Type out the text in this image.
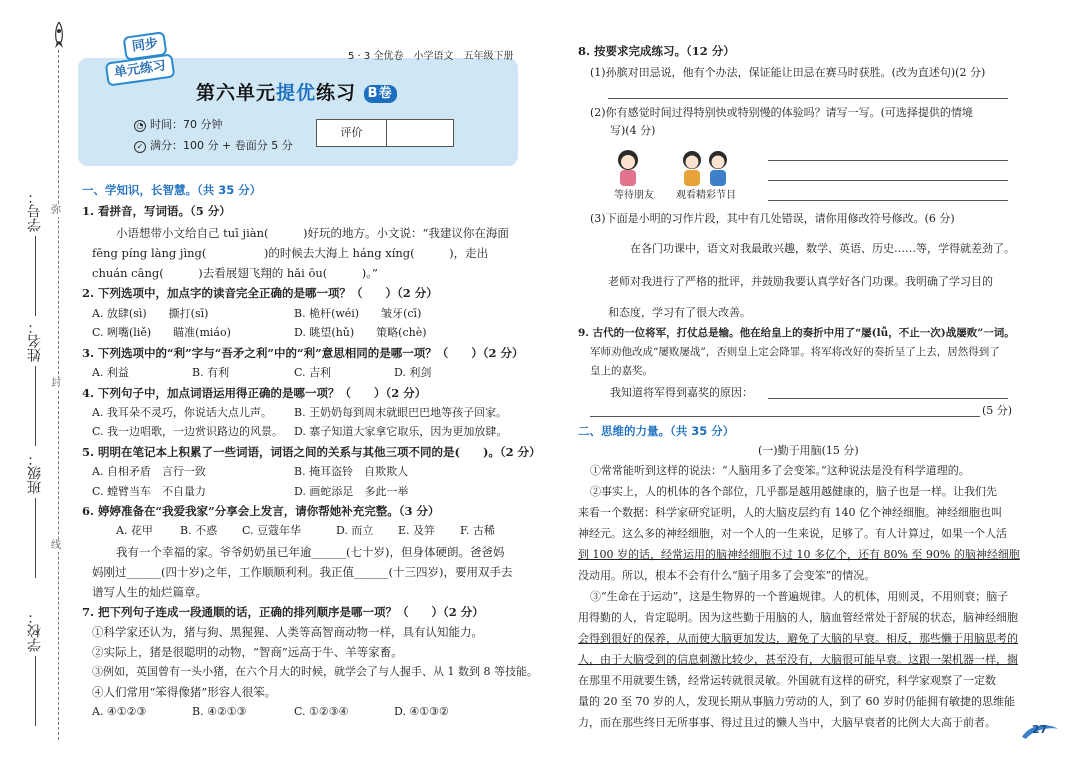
弥
封
线
学号：
姓名：
班级：
学校：
5 · 3 全优卷　小学语文　五年级下册
同步
单元练习
第六单元提优练习 B卷
◔ 时间：70 分钟
✓ 满分：100 分 + 卷面分 5 分
评价
一、学知识，长智慧。（共 35 分）
1. 看拼音，写词语。（5 分）
小语想带小文给自己 tuī jiàn(　　　)好玩的地方。小文说：“我建议你在海面
fēng píng làng jìng(　　　　　)的时候去大海上 háng xíng(　　　)，走出
chuán cāng(　　　)去看展翅飞翔的 hǎi ōu(　　　)。”
2. 下列选项中，加点字的读音完全正确的是哪一项？（　　）（2 分）
A. 放肆(sì)　　撕打(sī)	B. 桅杆(wéi)　　皱牙(cī)
C. 咧嘴(liě)　　瞄准(miáo)	D. 眺望(hǔ)　　策略(chè)
3. 下列选项中的“利”字与“吾矛之利”中的“利”意思相同的是哪一项？（　　）（2 分）
A. 利益	B. 有利	C. 吉利	D. 利剑
4. 下列句子中，加点词语运用得正确的是哪一项？（　　）（2 分）
A. 我耳朵不灵巧，你说话大点儿声。 B. 王奶奶每到周末就眼巴巴地等孩子回家。
C. 我一边唱歌，一边赏识路边的风景。 D. 寨子知道大家拿它取乐，因为更加放肆。
5. 明明在笔记本上积累了一些词语，词语之间的关系与其他三项不同的是(　　)。（2 分）
A. 自相矛盾　言行一致	B. 掩耳盗铃　自欺欺人
C. 螳臂当车　不自量力	D. 画蛇添足　多此一举
6. 婷婷准备在“我爱我家”分享会上发言，请你帮她补充完整。（3 分）
A. 花甲 B. 不惑 C. 豆蔻年华	D. 而立 E. 及笄 F. 古稀
我有一个幸福的家。爷爷奶奶虽已年逾______(七十岁)，但身体硬朗。爸爸妈
妈刚过______(四十岁)之年，工作顺顺利利。我正值______(十三四岁)，要用双手去
谱写人生的灿烂篇章。
7. 把下列句子连成一段通顺的话，正确的排列顺序是哪一项？（　　）（2 分）
①科学家还认为，猪与狗、黑猩猩、人类等高智商动物一样，具有认知能力。
②实际上，猪是很聪明的动物，“智商”远高于牛、羊等家畜。
③例如，英国曾有一头小猪，在六个月大的时候，就学会了与人握手、从 1 数到 8 等技能。
④人们常用“笨得像猪”形容人很笨。
A. ④①②③	B. ④②①③	C. ①②③④	D. ④①③②
8. 按要求完成练习。（12 分）
(1)孙膑对田忌说，他有个办法，保证能让田忌在赛马时获胜。(改为直述句)(2 分)
(2)你有感觉时间过得特别快或特别慢的体验吗？请写一写。(可选择提供的情境
写)(4 分)
等待朋友 观看精彩节目
(3)下面是小明的习作片段，其中有几处错误，请你用修改符号修改。(6 分)
在各门功课中，语文对我最敢兴趣，数学、英语、历史……等，学得就差劲了。
老师对我进行了严格的批评，并鼓励我要认真学好各门功课。我明确了学习目的
和态度，学习有了很大改善。
9. 古代的一位将军，打仗总是输。他在给皇上的奏折中用了“屡(lǚ，不止一次)战屡败”一词。
军师劝他改成“屡败屡战”，否则皇上定会降罪。将军将改好的奏折呈了上去，居然得到了
皇上的嘉奖。
我知道将军得到嘉奖的原因：
(5 分)
二、思维的力量。（共 35 分）
(一)勤于用脑(15 分)
①常常能听到这样的说法：“人脑用多了会变笨。”这种说法是没有科学道理的。
②事实上，人的机体的各个部位，几乎都是越用越健康的，脑子也是一样。让我们先
来看一个数据：科学家研究证明，人的大脑皮层约有 140 亿个神经细胞。神经细胞也叫
神经元。这么多的神经细胞，对一个人的一生来说，足够了。有人计算过，如果一个人活
到 100 岁的话，经常运用的脑神经细胞不过 10 多亿个，还有 80% 至 90% 的脑神经细胞
没动用。所以，根本不会有什么“脑子用多了会变笨”的情况。
③“生命在于运动”，这是生物界的一个普遍规律。人的机体，用则灵，不用则衰；脑子
用得勤的人，肯定聪明。因为这些勤于用脑的人，脑血管经常处于舒展的状态，脑神经细胞
会得到很好的保养，从而使大脑更加发达，避免了大脑的早衰。相反，那些懒于用脑思考的
人，由于大脑受到的信息刺激比较少，甚至没有，大脑很可能早衰。这跟一架机器一样，搁
在那里不用就要生锈，经常运转就很灵敏。外国就有这样的研究，科学家观察了一定数
量的 20 至 70 岁的人，发现长期从事脑力劳动的人，到了 60 岁时仍能拥有敏捷的思维能
力，而在那些终日无所事事、得过且过的懒人当中，大脑早衰者的比例大大高于前者。
27
